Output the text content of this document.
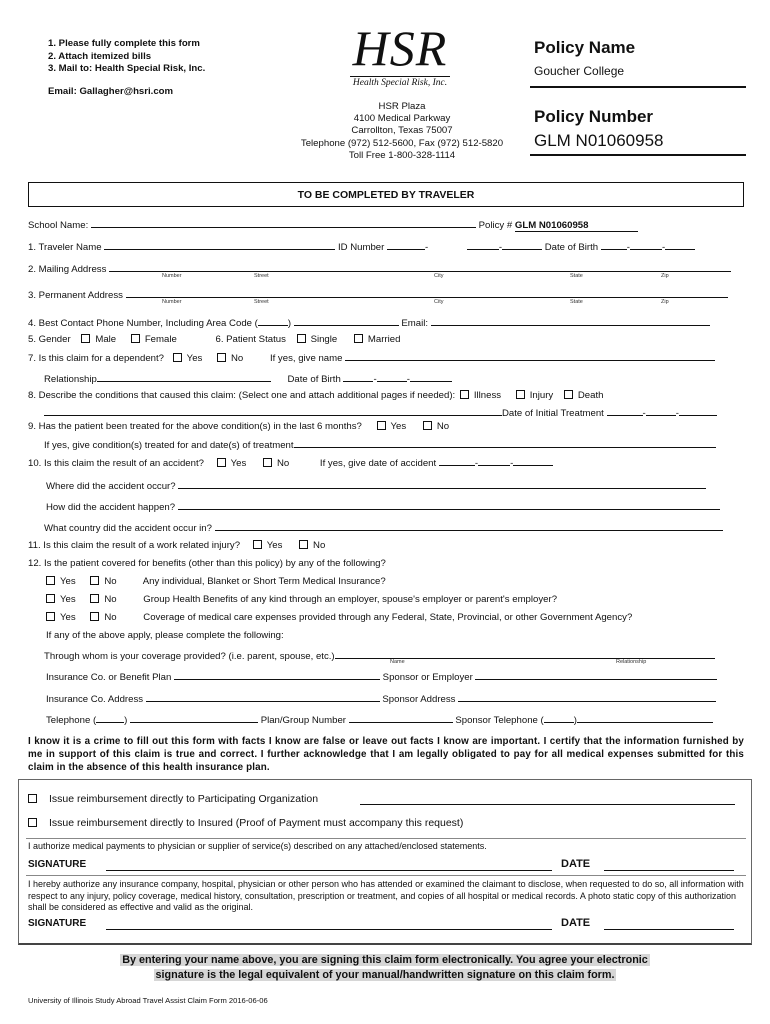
1. Please fully complete this form
2. Attach itemized bills
3. Mail to: Health Special Risk, Inc.
Email: Gallagher@hsri.com
HSR
Health Special Risk, Inc.
HSR Plaza
4100 Medical Parkway
Carrollton, Texas 75007
Telephone (972) 512-5600, Fax (972) 512-5820
Toll Free 1-800-328-1114
Policy Name
Goucher College
Policy Number
GLM N01060958
TO BE COMPLETED BY TRAVELER
School Name:	Policy # GLM N01060958
1. Traveler Name	ID Number	-	-	Date of Birth	-	-
2. Mailing Address
Number	Street	City	State	Zip
3. Permanent Address
Number	Street	City	State	Zip
4. Best Contact Phone Number, Including Area Code (	)	Email:
5. Gender	Male	Female	6. Patient Status	Single	Married
7. Is this claim for a dependent? Yes	No	If yes, give name
Relationship	Date of Birth	-	-
8. Describe the conditions that caused this claim: (Select one and attach additional pages if needed): Illness	Injury	Death
Date of Initial Treatment	-	-
9. Has the patient been treated for the above condition(s) in the last 6 months?	Yes	No
If yes, give condition(s) treated for and date(s) of treatment
10. Is this claim the result of an accident?	Yes	No	If yes, give date of accident	-	-
Where did the accident occur?
How did the accident happen?
What country did the accident occur in?
11. Is this claim the result of a work related injury?	Yes	No
12. Is the patient covered for benefits (other than this policy) by any of the following?
Yes	No	Any individual, Blanket or Short Term Medical Insurance?
Yes	No	Group Health Benefits of any kind through an employer, spouse's employer or parent's employer?
Yes	No	Coverage of medical care expenses provided through any Federal, State, Provincial, or other Government Agency?
If any of the above apply, please complete the following:
Through whom is your coverage provided? (i.e. parent, spouse, etc.)	Name	Relationship
Insurance Co. or Benefit Plan	Sponsor or Employer
Insurance Co. Address	Sponsor Address
Telephone (	)	Plan/Group Number	Sponsor Telephone (	)
I know it is a crime to fill out this form with facts I know are false or leave out facts I know are important. I certify that the information furnished by me in support of this claim is true and correct. I further acknowledge that I am legally obligated to pay for all medical expenses submitted for this claim in the absence of this health insurance plan.
Issue reimbursement directly to Participating Organization
Issue reimbursement directly to Insured (Proof of Payment must accompany this request)
I authorize medical payments to physician or supplier of service(s) described on any attached/enclosed statements.
SIGNATURE	DATE
I hereby authorize any insurance company, hospital, physician or other person who has attended or examined the claimant to disclose, when requested to do so, all information with respect to any injury, policy coverage, medical history, consultation, prescription or treatment, and copies of all hospital or medical records. A photo static copy of this authorization shall be considered as effective and valid as the original.
SIGNATURE	DATE
By entering your name above, you are signing this claim form electronically. You agree your electronic
signature is the legal equivalent of your manual/handwritten signature on this claim form.
University of Illinois Study Abroad Travel Assist Claim Form 2016-06-06
